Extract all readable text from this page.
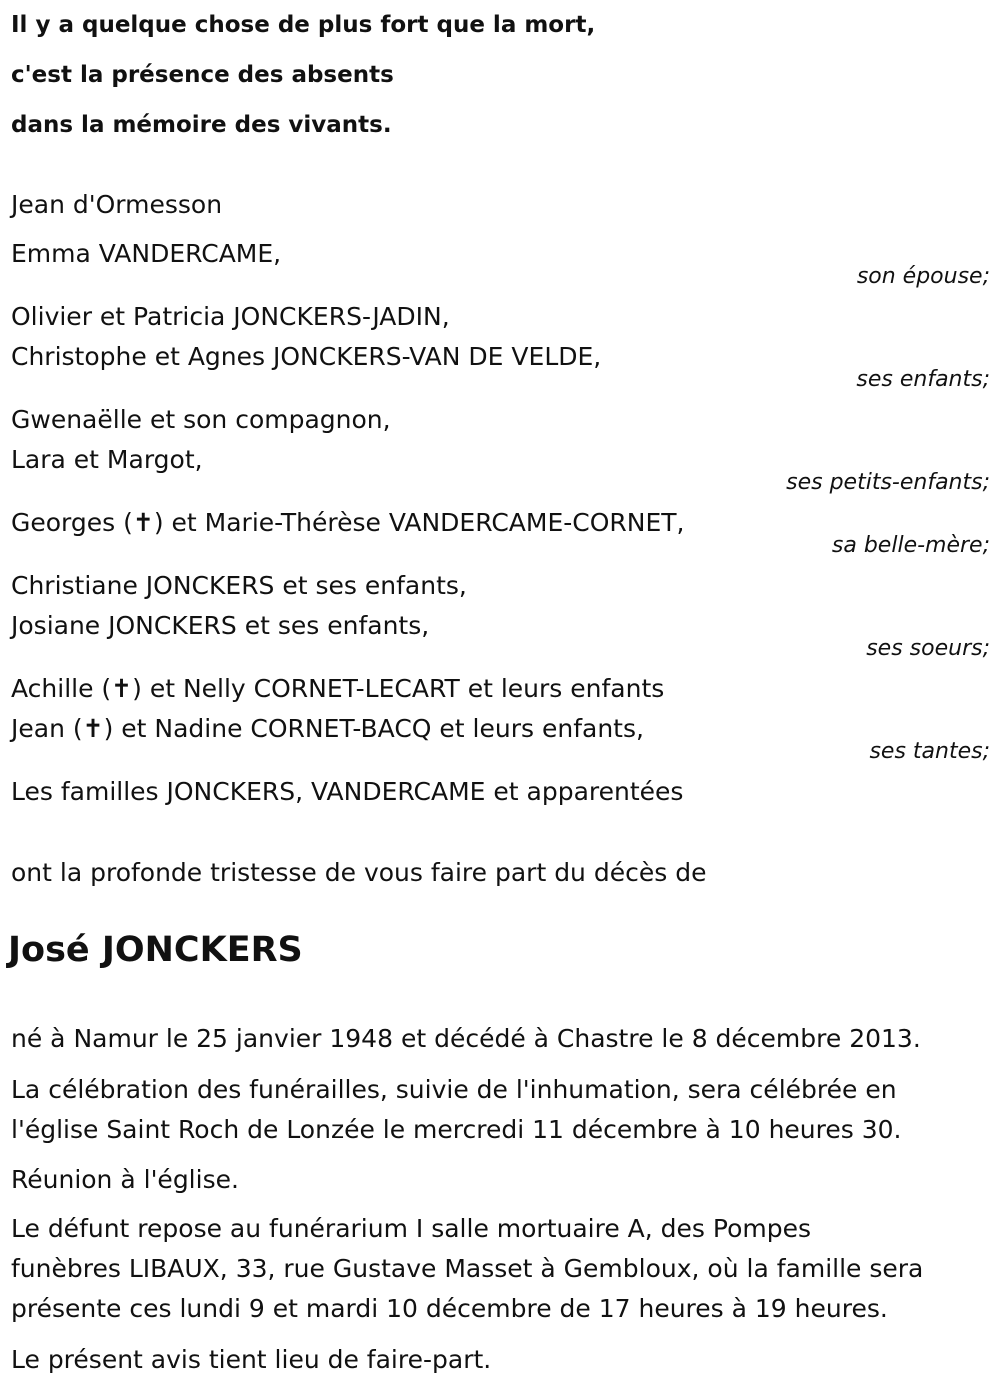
Il y a quelque chose de plus fort que la mort,
c'est la présence des absents
dans la mémoire des vivants.
Jean d'Ormesson
Emma VANDERCAME,
son épouse;
Olivier et Patricia JONCKERS-JADIN,
Christophe et Agnes JONCKERS-VAN DE VELDE,
ses enfants;
Gwenaëlle et son compagnon,
Lara et Margot,
ses petits-enfants;
Georges (✝) et Marie-Thérèse VANDERCAME-CORNET,
sa belle-mère;
Christiane JONCKERS et ses enfants,
Josiane JONCKERS et ses enfants,
ses soeurs;
Achille (✝) et Nelly CORNET-LECART et leurs enfants
Jean (✝) et Nadine CORNET-BACQ et leurs enfants,
ses tantes;
Les familles JONCKERS, VANDERCAME et apparentées
ont la profonde tristesse de vous faire part du décès de
José JONCKERS
né à Namur le 25 janvier 1948 et décédé à Chastre le 8 décembre 2013.
La célébration des funérailles, suivie de l'inhumation, sera célébrée en
l'église Saint Roch de Lonzée le mercredi 11 décembre à 10 heures 30.
Réunion à l'église.
Le défunt repose au funérarium I salle mortuaire A, des Pompes
funèbres LIBAUX, 33, rue Gustave Masset à Gembloux, où la famille sera
présente ces lundi 9 et mardi 10 décembre de 17 heures à 19 heures.
Le présent avis tient lieu de faire-part.
